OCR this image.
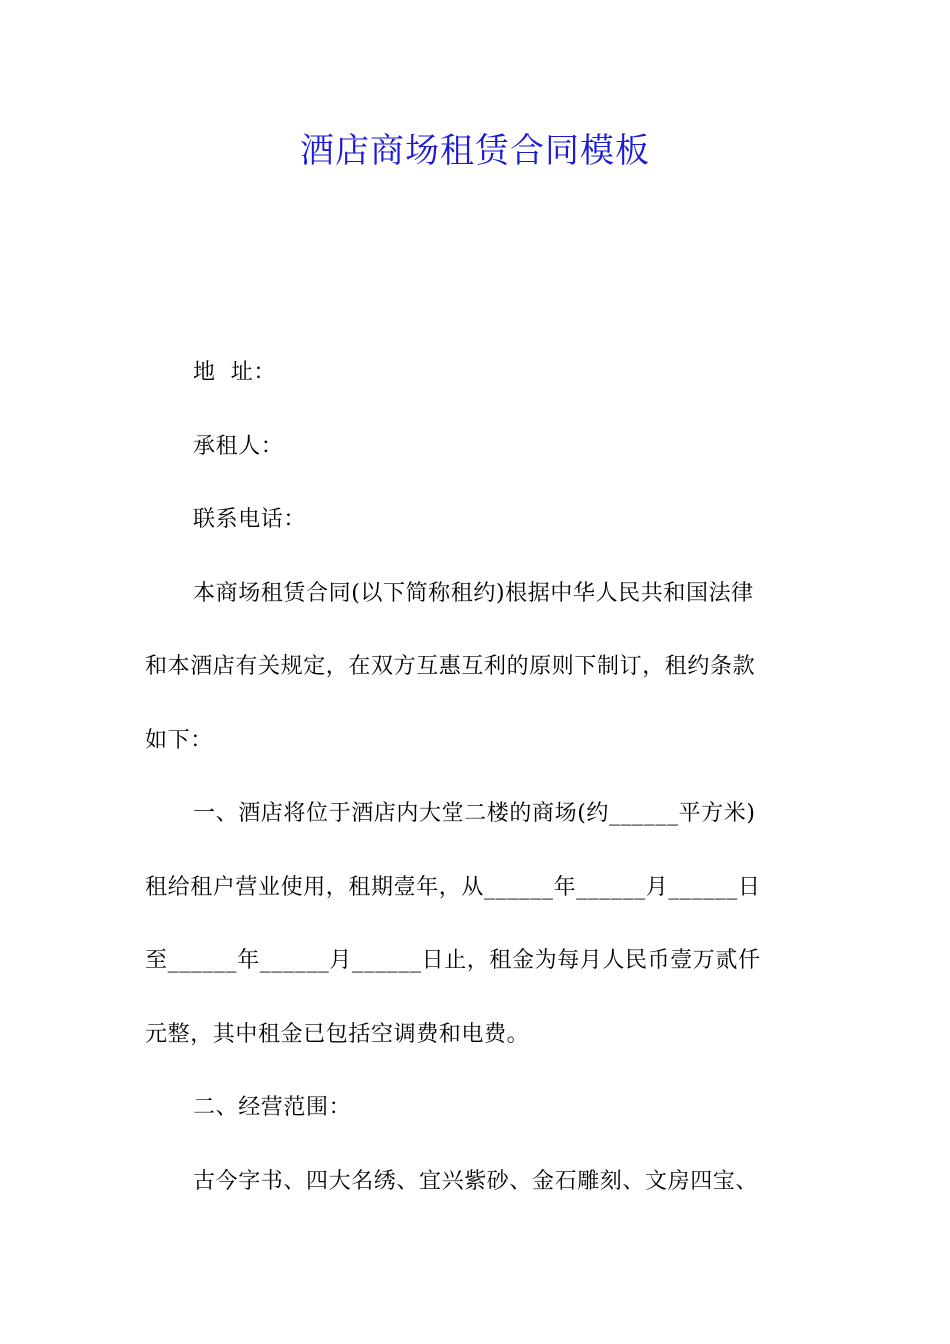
酒店商场租赁合同模板

地  址：

承租人：

联系电话：

本商场租赁合同(以下简称租约)根据中华人民共和国法律
和本酒店有关规定，在双方互惠互利的原则下制订，租约条款
如下：

一、酒店将位于酒店内大堂二楼的商场(约______平方米)
租给租户营业使用，租期壹年，从______年______月______日
至______年______月______日止，租金为每月人民币壹万贰仟
元整，其中租金已包括空调费和电费。

二、经营范围：

古今字书、四大名绣、宜兴紫砂、金石雕刻、文房四宝、
